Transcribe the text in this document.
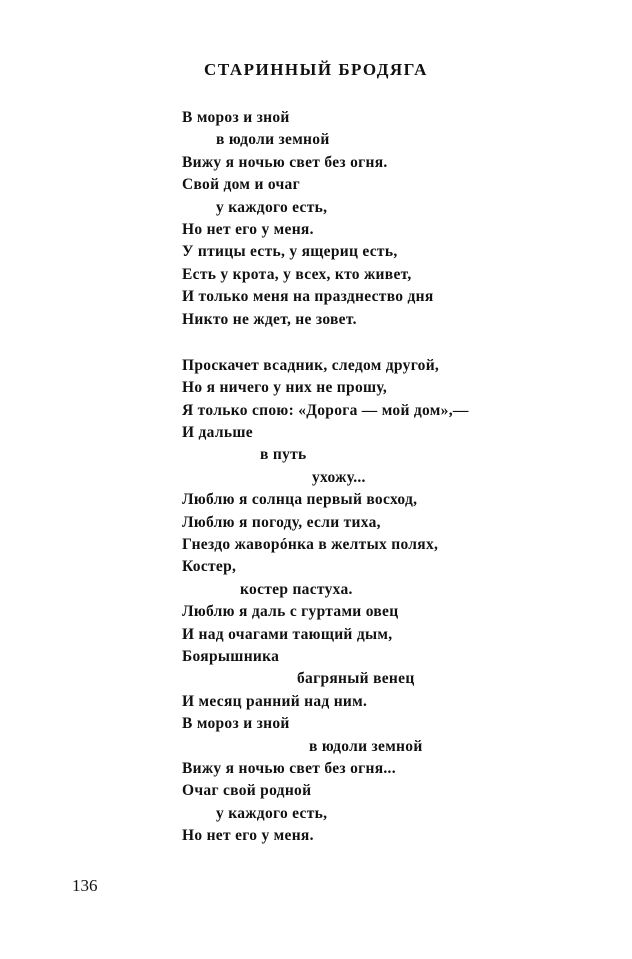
СТАРИННЫЙ БРОДЯГА
В мороз и зной
в юдоли земной
Вижу я ночью свет без огня.
Свой дом и очаг
у каждого есть,
Но нет его у меня.
У птицы есть, у ящериц есть,
Есть у крота, у всех, кто живет,
И только меня на празднество дня
Никто не ждет, не зовет.
Проскачет всадник, следом другой,
Но я ничего у них не прошу,
Я только спою: «Дорога — мой дом»,—
И дальше
в путь
ухожу...
Люблю я солнца первый восход,
Люблю я погоду, если тиха,
Гнездо жавoрóнка в желтых полях,
Костер,
костер пастуха.
Люблю я даль с гуртами овец
И над очагами тающий дым,
Боярышника
багряный венец
И месяц ранний над ним.
В мороз и зной
в юдоли земной
Вижу я ночью свет без огня...
Очаг свой родной
у каждого есть,
Но нет его у меня.
136
